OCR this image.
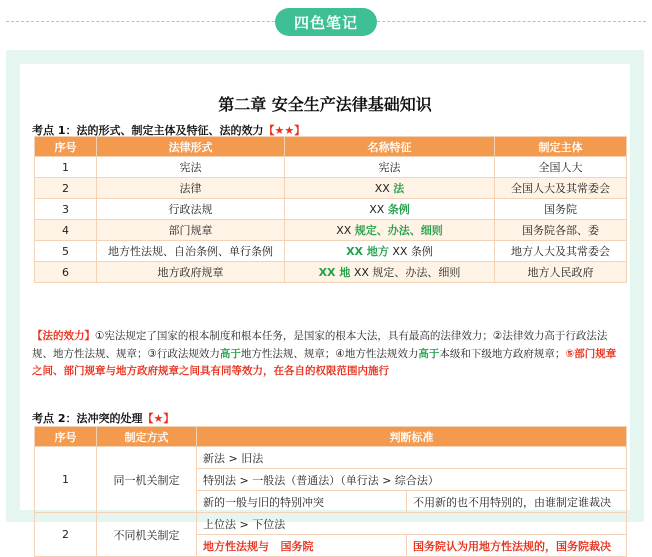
四色笔记
第二章 安全生产法律基础知识
考点 1：法的形式、制定主体及特征、法的效力【★★】
序号	法律形式	名称特征	制定主体
1	宪法	宪法	全国人大
2	法律	XX 法	全国人大及其常委会
3	行政法规	XX 条例	国务院
4	部门规章	XX 规定、办法、细则	国务院各部、委
5	地方性法规、自治条例、单行条例	XX 地方 XX 条例	地方人大及其常委会
6	地方政府规章	XX 地 XX 规定、办法、细则	地方人民政府
【法的效力】①宪法规定了国家的根本制度和根本任务，是国家的根本大法，具有最高的法律效力；②法律效力高于行政法法规、地方性法规、规章；③行政法规效力高于地方性法规、规章；④地方性法规效力高于本级和下级地方政府规章；⑤部门规章之间、部门规章与地方政府规章之间具有同等效力，在各自的权限范围内施行
考点 2：法冲突的处理【★】
序号	制定方式	判断标准	
1	同一机关制定	新法 > 旧法	
		特别法 > 一般法（普通法）（单行法 > 综合法）	
		新的一般与旧的特别冲突	不用新的也不用特别的，由谁制定谁裁决
2	不同机关制定	上位法 > 下位法	
		地方性法规与 国务院	国务院认为用地方性法规的，国务院裁决
